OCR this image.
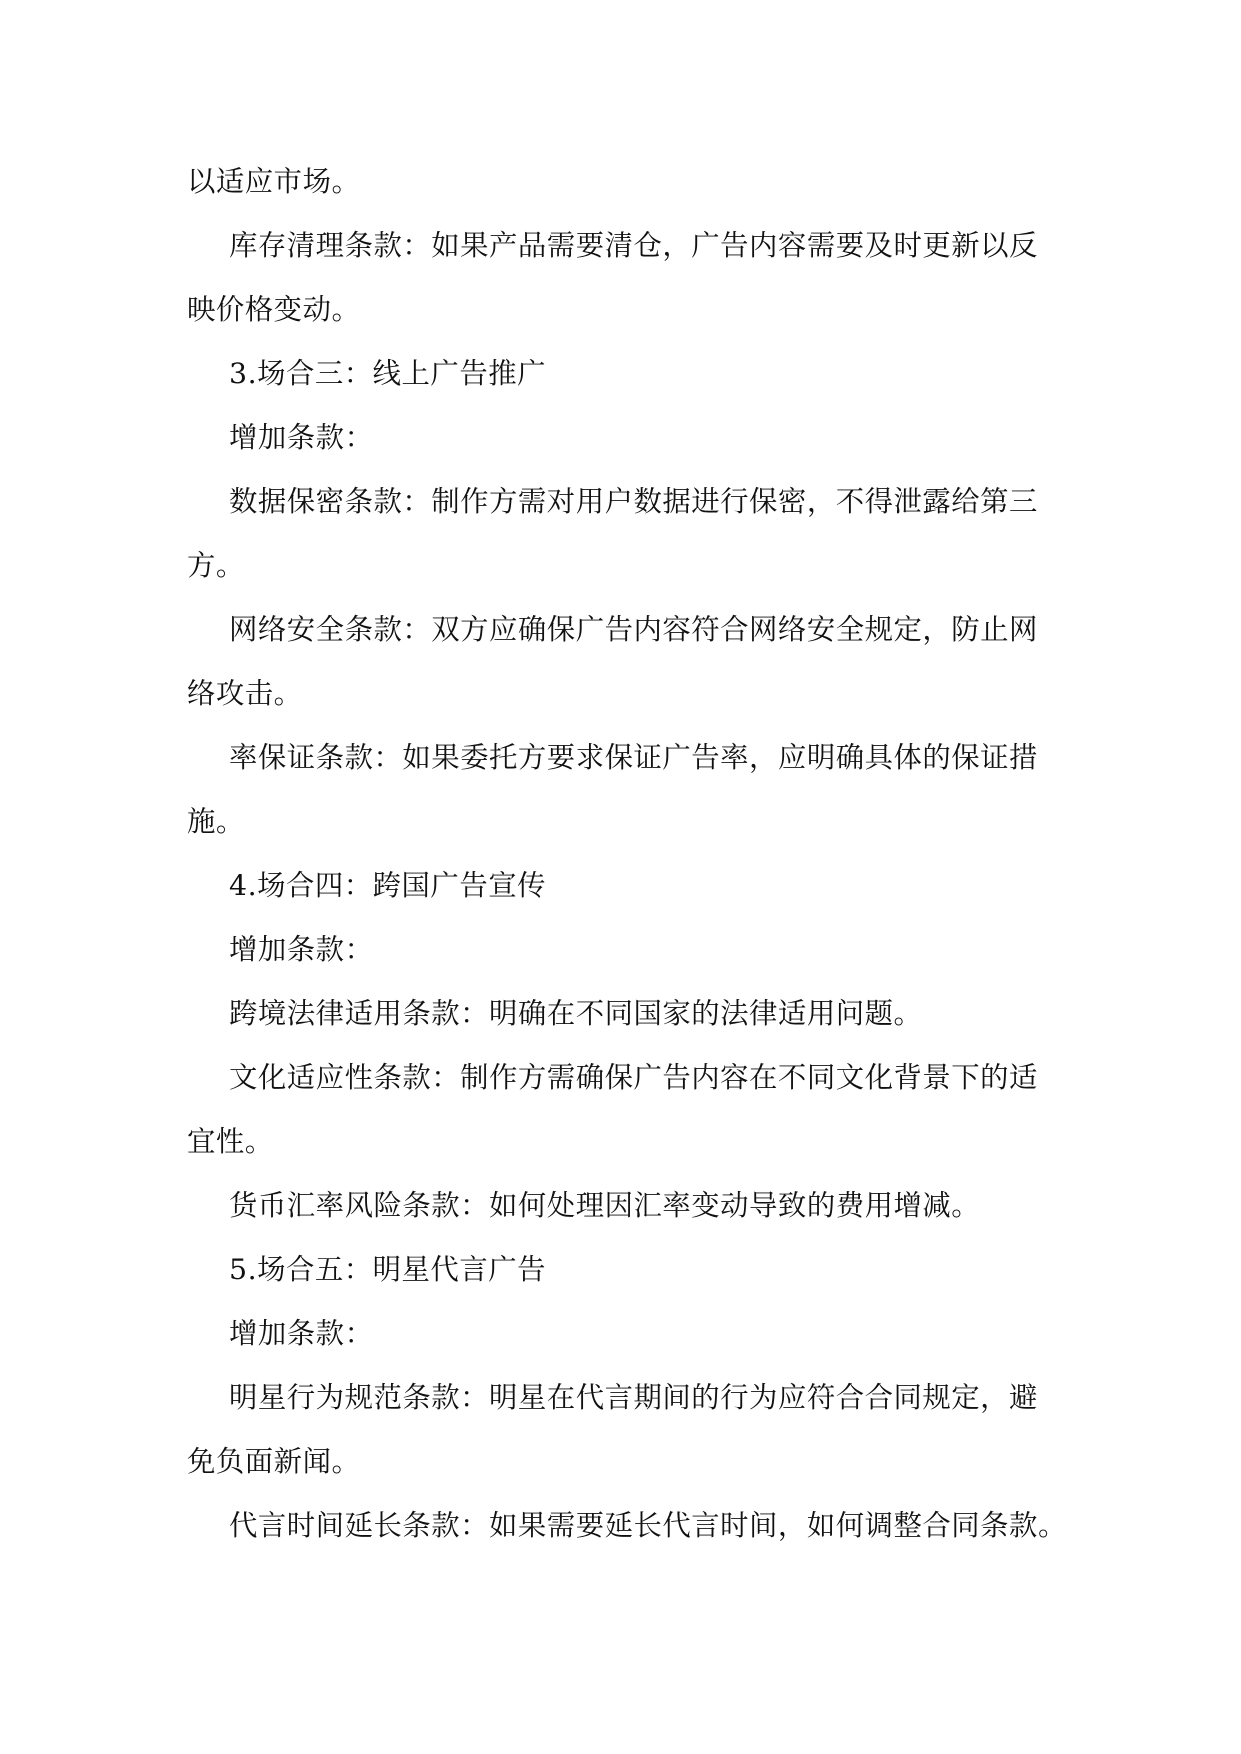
以适应市场。
库存清理条款：如果产品需要清仓，广告内容需要及时更新以反
映价格变动。
3.场合三：线上广告推广
增加条款：
数据保密条款：制作方需对用户数据进行保密，不得泄露给第三
方。
网络安全条款：双方应确保广告内容符合网络安全规定，防止网
络攻击。
率保证条款：如果委托方要求保证广告率，应明确具体的保证措
施。
4.场合四：跨国广告宣传
增加条款：
跨境法律适用条款：明确在不同国家的法律适用问题。
文化适应性条款：制作方需确保广告内容在不同文化背景下的适
宜性。
货币汇率风险条款：如何处理因汇率变动导致的费用增减。
5.场合五：明星代言广告
增加条款：
明星行为规范条款：明星在代言期间的行为应符合合同规定，避
免负面新闻。
代言时间延长条款：如果需要延长代言时间，如何调整合同条款。
